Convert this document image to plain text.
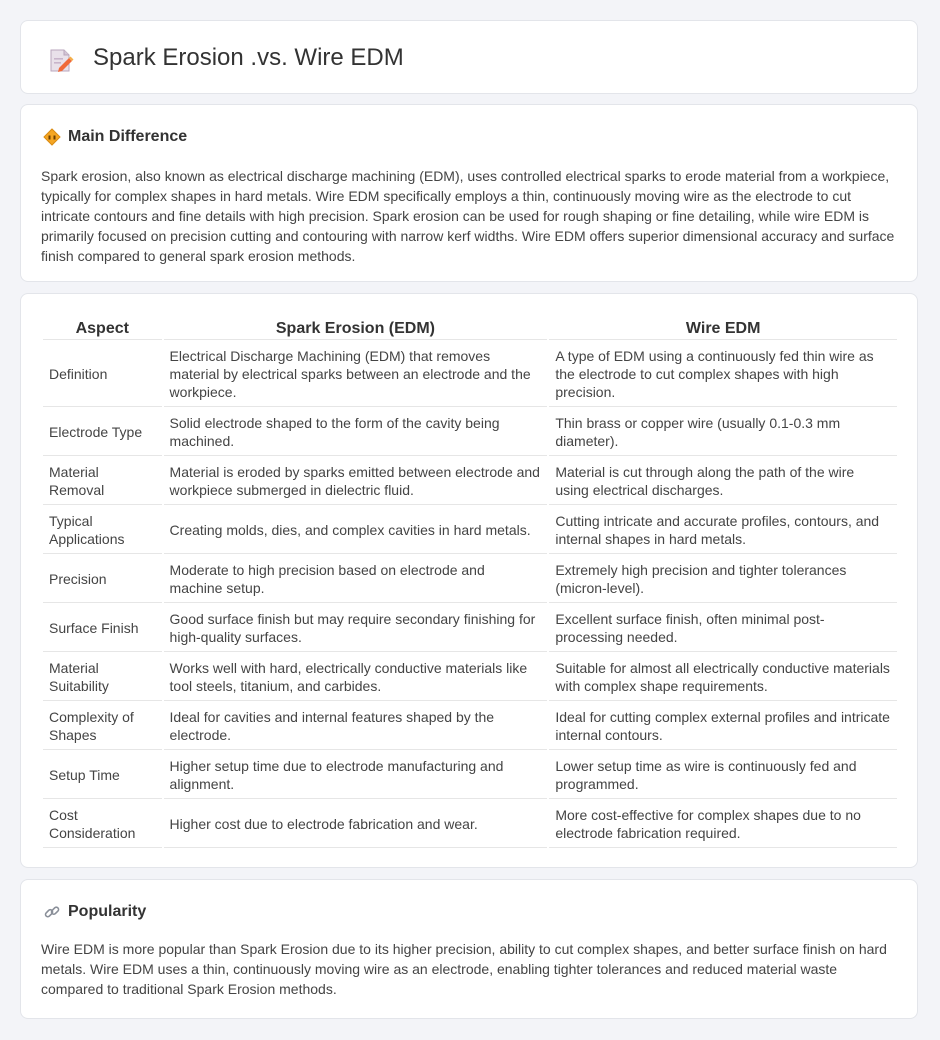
Spark Erosion .vs. Wire EDM
Main Difference

Spark erosion, also known as electrical discharge machining (EDM), uses controlled electrical sparks to erode material from a workpiece, typically for complex shapes in hard metals. Wire EDM specifically employs a thin, continuously moving wire as the electrode to cut intricate contours and fine details with high precision. Spark erosion can be used for rough shaping or fine detailing, while wire EDM is primarily focused on precision cutting and contouring with narrow kerf widths. Wire EDM offers superior dimensional accuracy and surface finish compared to general spark erosion methods.

Aspect	Spark Erosion (EDM)	Wire EDM
Definition	Electrical Discharge Machining (EDM) that removes material by electrical sparks between an electrode and the workpiece.	A type of EDM using a continuously fed thin wire as the electrode to cut complex shapes with high precision.
Electrode Type	Solid electrode shaped to the form of the cavity being machined.	Thin brass or copper wire (usually 0.1-0.3 mm diameter).
Material Removal	Material is eroded by sparks emitted between electrode and workpiece submerged in dielectric fluid.	Material is cut through along the path of the wire using electrical discharges.
Typical Applications	Creating molds, dies, and complex cavities in hard metals.	Cutting intricate and accurate profiles, contours, and internal shapes in hard metals.
Precision	Moderate to high precision based on electrode and machine setup.	Extremely high precision and tighter tolerances (micron-level).
Surface Finish	Good surface finish but may require secondary finishing for high-quality surfaces.	Excellent surface finish, often minimal post-processing needed.
Material Suitability	Works well with hard, electrically conductive materials like tool steels, titanium, and carbides.	Suitable for almost all electrically conductive materials with complex shape requirements.
Complexity of Shapes	Ideal for cavities and internal features shaped by the electrode.	Ideal for cutting complex external profiles and intricate internal contours.
Setup Time	Higher setup time due to electrode manufacturing and alignment.	Lower setup time as wire is continuously fed and programmed.
Cost Consideration	Higher cost due to electrode fabrication and wear.	More cost-effective for complex shapes due to no electrode fabrication required.
Popularity

Wire EDM is more popular than Spark Erosion due to its higher precision, ability to cut complex shapes, and better surface finish on hard metals. Wire EDM uses a thin, continuously moving wire as an electrode, enabling tighter tolerances and reduced material waste compared to traditional Spark Erosion methods.
